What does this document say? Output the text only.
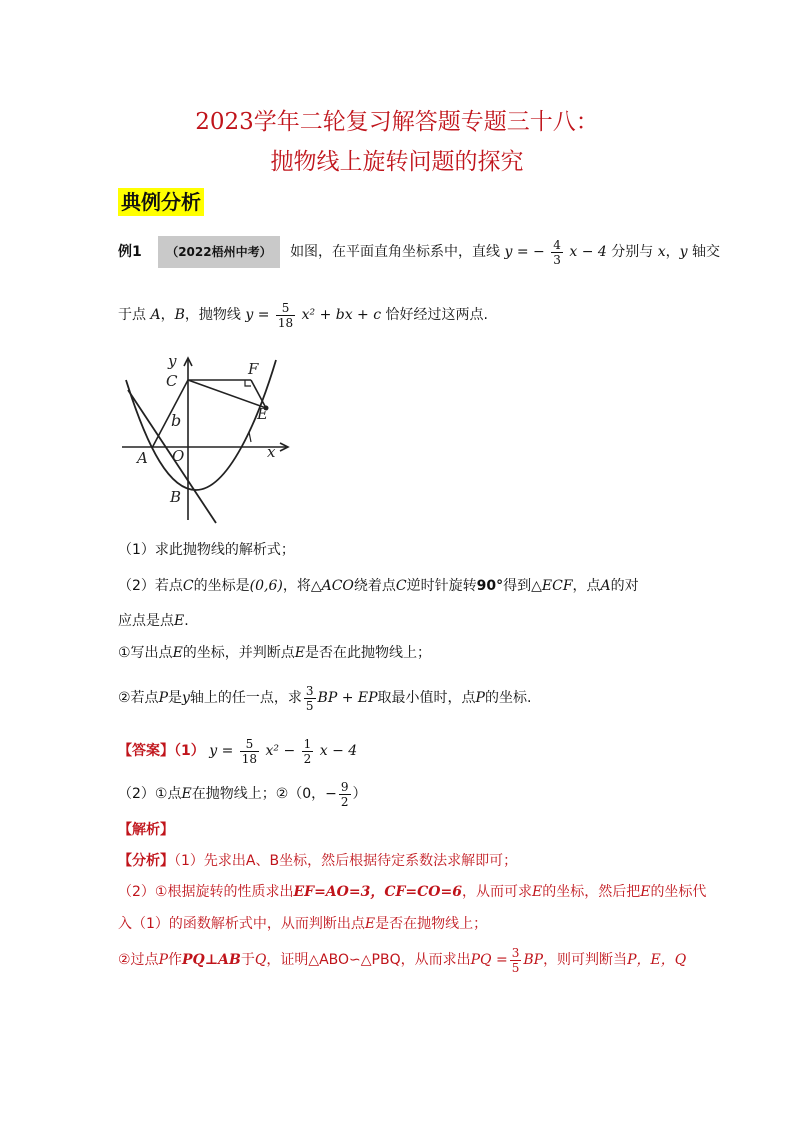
2023学年二轮复习解答题专题三十八：
抛物线上旋转问题的探究
典例分析
例1 （2022梧州中考） 如图，在平面直角坐标系中，直线 y = − $\frac{4}{3}$ x − 4 分别与 x，y 轴交
于点 A，B，抛物线 $y = \frac{5}{18} x^2$ + bx + c 恰好经过这两点.
y
x
C
F
E
A O
B
b
（1）求此抛物线的解析式；
（2）若点C的坐标是(0,6)，将△ACO绕着点C逆时针旋转90°得到△ECF，点A的对
应点是点E.
①写出点E的坐标，并判断点E是否在此抛物线上；
②若点P是y轴上的任一点，求 $\frac{3}{5}$ BP + EP取最小值时，点P的坐标.
【答案】（1） $y = \frac{5}{18} x^2 - \frac{1}{2}$ x − 4
（2）①点E在抛物线上；②（0，− $\frac{9}{2}$ ）
【解析】
【分析】（1）先求出A、B坐标，然后根据待定系数法求解即可；
（2）①根据旋转的性质求出EF=AO=3，CF=CO=6，从而可求E的坐标，然后把E的坐标代
入（1）的函数解析式中，从而判断出点E是否在抛物线上；
②过点P作PQ⊥AB于Q，证明△ABO∽△PBQ，从而求出PQ = $\frac{3}{5}$ BP，则可判断当P，E，Q
